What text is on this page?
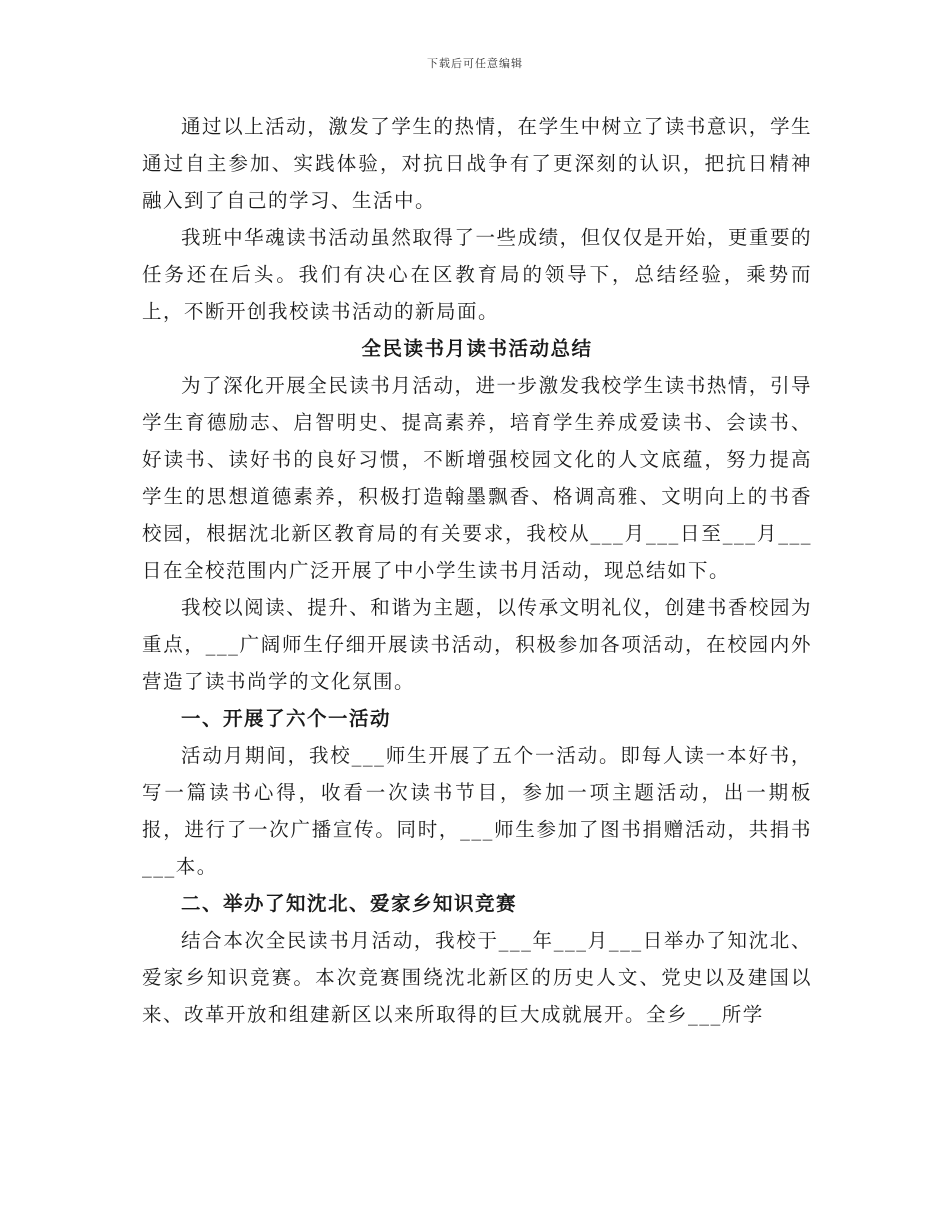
下载后可任意编辑

通过以上活动，激发了学生的热情，在学生中树立了读书意识，学生通过自主参加、实践体验，对抗日战争有了更深刻的认识，把抗日精神融入到了自己的学习、生活中。

我班中华魂读书活动虽然取得了一些成绩，但仅仅是开始，更重要的任务还在后头。我们有决心在区教育局的领导下，总结经验，乘势而上，不断开创我校读书活动的新局面。

全民读书月读书活动总结

为了深化开展全民读书月活动，进一步激发我校学生读书热情，引导学生育德励志、启智明史、提高素养，培育学生养成爱读书、会读书、好读书、读好书的良好习惯，不断增强校园文化的人文底蕴，努力提高学生的思想道德素养，积极打造翰墨飘香、格调高雅、文明向上的书香校园，根据沈北新区教育局的有关要求，我校从___月___日至___月___日在全校范围内广泛开展了中小学生读书月活动，现总结如下。

我校以阅读、提升、和谐为主题，以传承文明礼仪，创建书香校园为重点，___广阔师生仔细开展读书活动，积极参加各项活动，在校园内外营造了读书尚学的文化氛围。

一、开展了六个一活动

活动月期间，我校___师生开展了五个一活动。即每人读一本好书，写一篇读书心得，收看一次读书节目，参加一项主题活动，出一期板报，进行了一次广播宣传。同时，___师生参加了图书捐赠活动，共捐书___本。

二、举办了知沈北、爱家乡知识竞赛

结合本次全民读书月活动，我校于___年___月___日举办了知沈北、爱家乡知识竞赛。本次竞赛围绕沈北新区的历史人文、党史以及建国以来、改革开放和组建新区以来所取得的巨大成就展开。全乡___所学
